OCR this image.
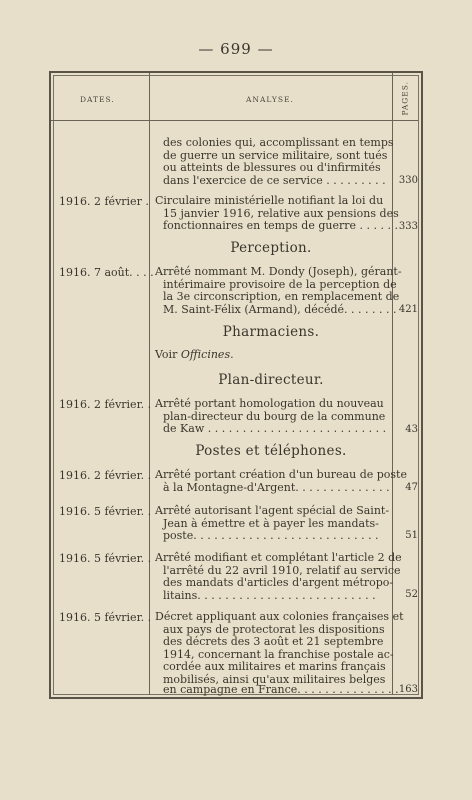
— 699 —
DATES.	ANALYSE.	PAGES.
des colonies qui, accomplissant en temps
de guerre un service militaire, sont tués
ou atteints de blessures ou d'infirmités
dans l'exercice de ce service . . . . . . . . . 330
1916. 2 février . Circulaire ministérielle notifiant la loi du
15 janvier 1916, relative aux pensions des
fonctionnaires en temps de guerre . . . . . . 333
Perception.
1916. 7 août. . . . Arrêté nommant M. Dondy (Joseph), gérant-
intérimaire provisoire de la perception de
la 3e circonscription, en remplacement de
M. Saint-Félix (Armand), décédé. . . . . . . . 421
Pharmaciens.
Voir Officines.
Plan-directeur.
1916. 2 février. . Arrêté portant homologation du nouveau
plan-directeur du bourg de la commune
de Kaw . . . . . . . . . . . . . . . . . . . . . . . . . .	43
Postes et téléphones.
1916. 2 février. . Arrêté portant création d'un bureau de poste
à la Montagne-d'Argent. . . . . . . . . . . . . .	47
1916. 5 février. . Arrêté autorisant l'agent spécial de Saint-
Jean à émettre et à payer les mandats-
poste. . . . . . . . . . . . . . . . . . . . . . . . . . .	51
1916. 5 février. . Arrêté modifiant et complétant l'article 2 de
l'arrêté du 22 avril 1910, relatif au service
des mandats d'articles d'argent métropo-
litains. . . . . . . . . . . . . . . . . . . . . . . . . .	52
1916. 5 février. . Décret appliquant aux colonies françaises et
aux pays de protectorat les dispositions
des décrets des 3 août et 21 septembre
1914, concernant la franchise postale ac-
cordée aux militaires et marins français
mobilisés, ainsi qu'aux militaires belges
en campagne en France. . . . . . . . . . . . . . . 163
